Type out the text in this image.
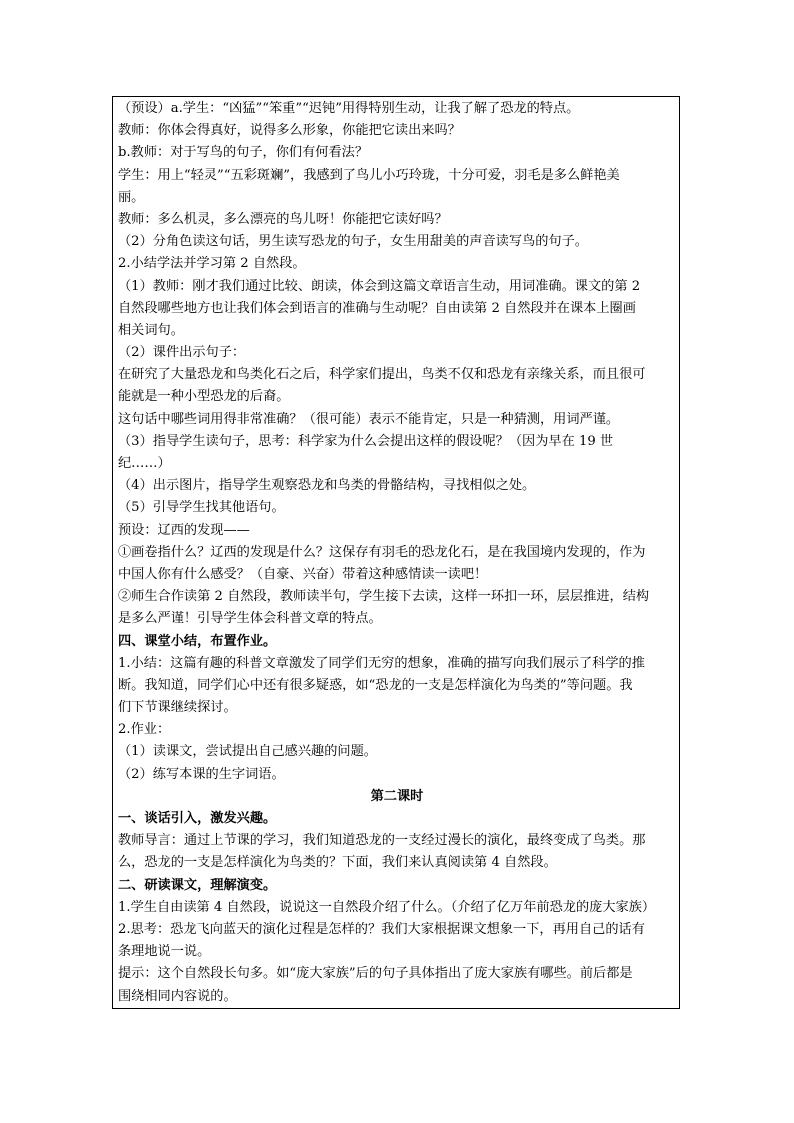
（预设）a.学生：“凶猛”“笨重”“迟钝”用得特别生动，让我了解了恐龙的特点。
教师：你体会得真好，说得多么形象，你能把它读出来吗？
b.教师：对于写鸟的句子，你们有何看法？
学生：用上“轻灵”“五彩斑斓”，我感到了鸟儿小巧玲珑，十分可爱，羽毛是多么鲜艳美
丽。
教师：多么机灵，多么漂亮的鸟儿呀！你能把它读好吗？
（2）分角色读这句话，男生读写恐龙的句子，女生用甜美的声音读写鸟的句子。
2.小结学法并学习第 2 自然段。
（1）教师：刚才我们通过比较、朗读，体会到这篇文章语言生动，用词准确。课文的第 2
自然段哪些地方也让我们体会到语言的准确与生动呢？自由读第 2 自然段并在课本上圈画
相关词句。
（2）课件出示句子：
在研究了大量恐龙和鸟类化石之后，科学家们提出，鸟类不仅和恐龙有亲缘关系，而且很可
能就是一种小型恐龙的后裔。
这句话中哪些词用得非常准确？（很可能）表示不能肯定，只是一种猜测，用词严谨。
（3）指导学生读句子，思考：科学家为什么会提出这样的假设呢？（因为早在 19 世
纪……）
（4）出示图片，指导学生观察恐龙和鸟类的骨骼结构，寻找相似之处。
（5）引导学生找其他语句。
预设：辽西的发现——
①画卷指什么？辽西的发现是什么？这保存有羽毛的恐龙化石，是在我国境内发现的，作为
中国人你有什么感受？（自豪、兴奋）带着这种感情读一读吧！
②师生合作读第 2 自然段，教师读半句，学生接下去读，这样一环扣一环，层层推进，结构
是多么严谨！引导学生体会科普文章的特点。
四、课堂小结，布置作业。
1.小结：这篇有趣的科普文章激发了同学们无穷的想象，准确的描写向我们展示了科学的推
断。我知道，同学们心中还有很多疑惑，如“恐龙的一支是怎样演化为鸟类的”等问题。我
们下节课继续探讨。
2.作业：
（1）读课文，尝试提出自己感兴趣的问题。
（2）练写本课的生字词语。
第二课时
一、谈话引入，激发兴趣。
教师导言：通过上节课的学习，我们知道恐龙的一支经过漫长的演化，最终变成了鸟类。那
么，恐龙的一支是怎样演化为鸟类的？下面，我们来认真阅读第 4 自然段。
二、研读课文，理解演变。
1.学生自由读第 4 自然段，说说这一自然段介绍了什么。（介绍了亿万年前恐龙的庞大家族）
2.思考：恐龙飞向蓝天的演化过程是怎样的？我们大家根据课文想象一下，再用自己的话有
条理地说一说。
提示：这个自然段长句多。如“庞大家族”后的句子具体指出了庞大家族有哪些。前后都是
围绕相同内容说的。
